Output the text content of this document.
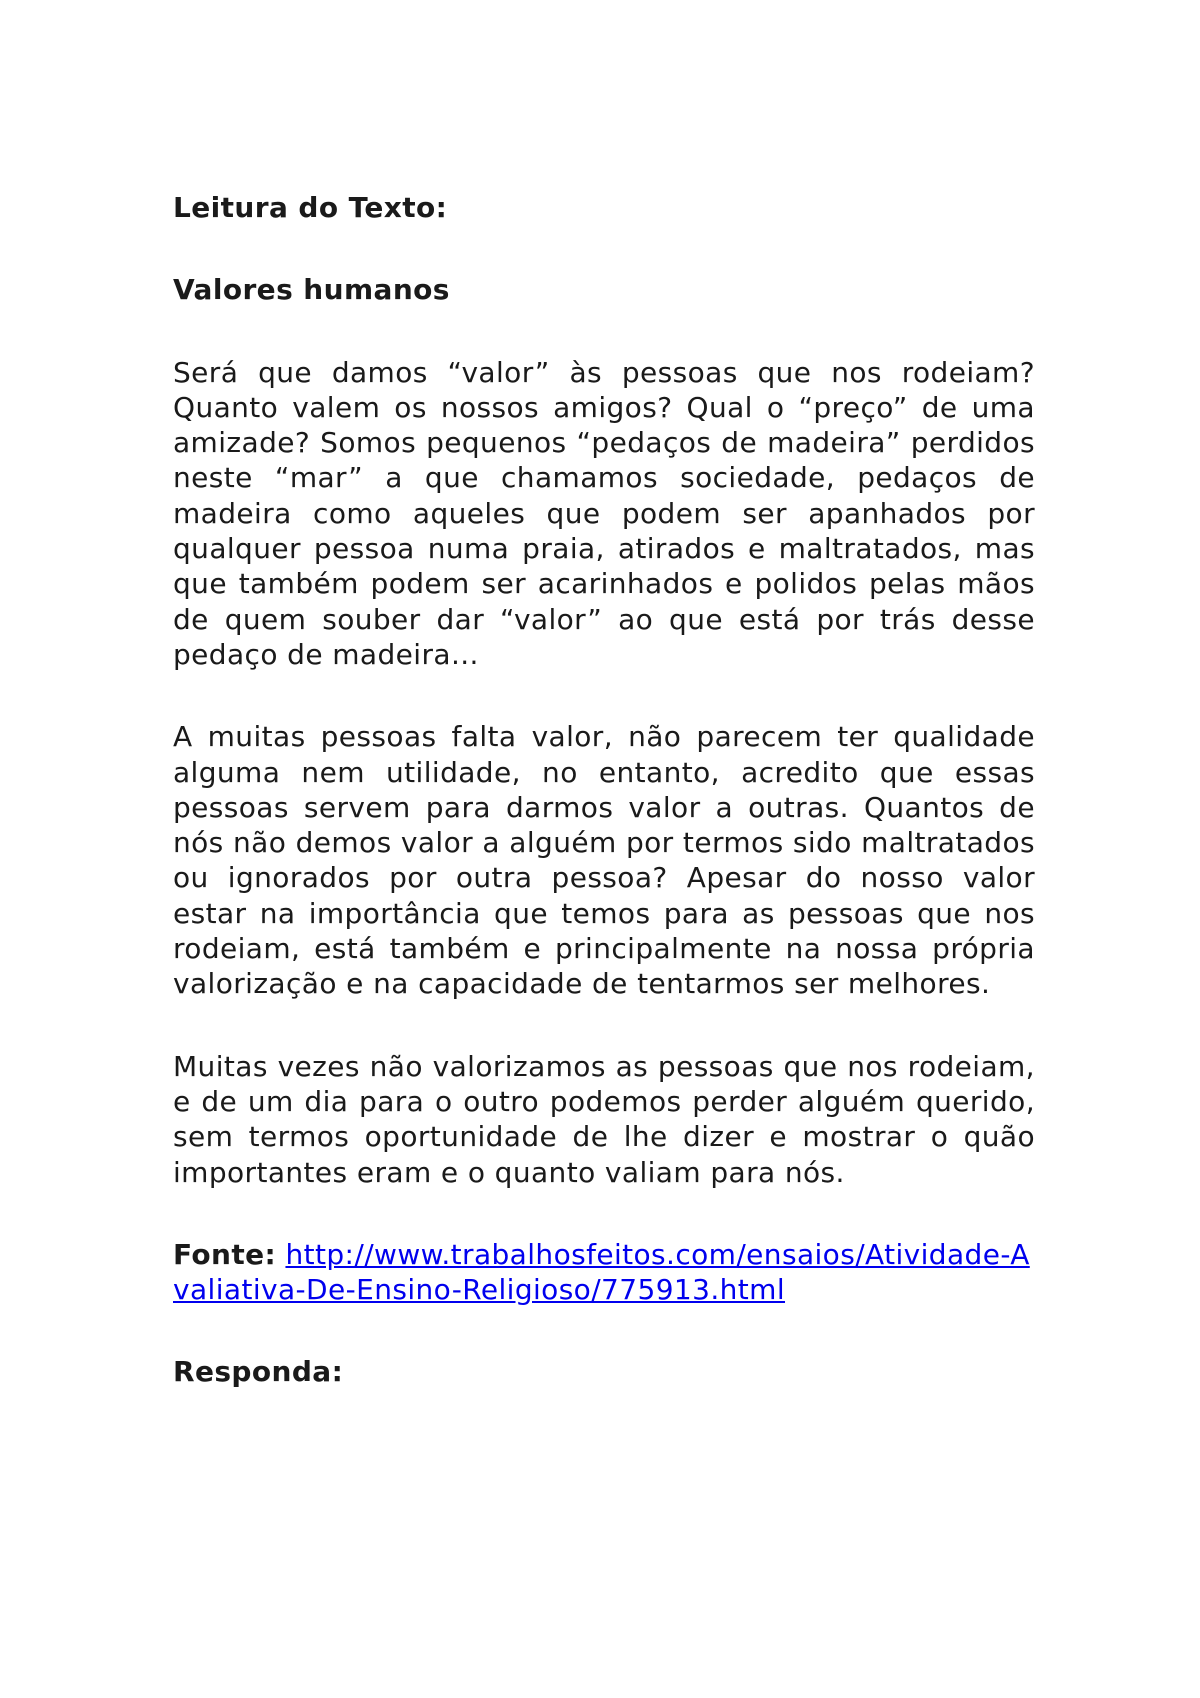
Leitura do Texto:

Valores humanos

Será que damos “valor” às pessoas que nos rodeiam? Quanto valem os nossos amigos? Qual o “preço” de uma amizade? Somos pequenos “pedaços de madeira” perdidos neste “mar” a que chamamos sociedade, pedaços de madeira como aqueles que podem ser apanhados por qualquer pessoa numa praia, atirados e maltratados, mas que também podem ser acarinhados e polidos pelas mãos de quem souber dar “valor” ao que está por trás desse pedaço de madeira...

A muitas pessoas falta valor, não parecem ter qualidade alguma nem utilidade, no entanto, acredito que essas pessoas servem para darmos valor a outras. Quantos de nós não demos valor a alguém por termos sido maltratados ou ignorados por outra pessoa? Apesar do nosso valor estar na importância que temos para as pessoas que nos rodeiam, está também e principalmente na nossa própria valorização e na capacidade de tentarmos ser melhores.

Muitas vezes não valorizamos as pessoas que nos rodeiam, e de um dia para o outro podemos perder alguém querido, sem termos oportunidade de lhe dizer e mostrar o quão importantes eram e o quanto valiam para nós.

Fonte: http://www.trabalhosfeitos.com/ensaios/Atividade-Avaliativa-De-Ensino-Religioso/775913.html

Responda:
